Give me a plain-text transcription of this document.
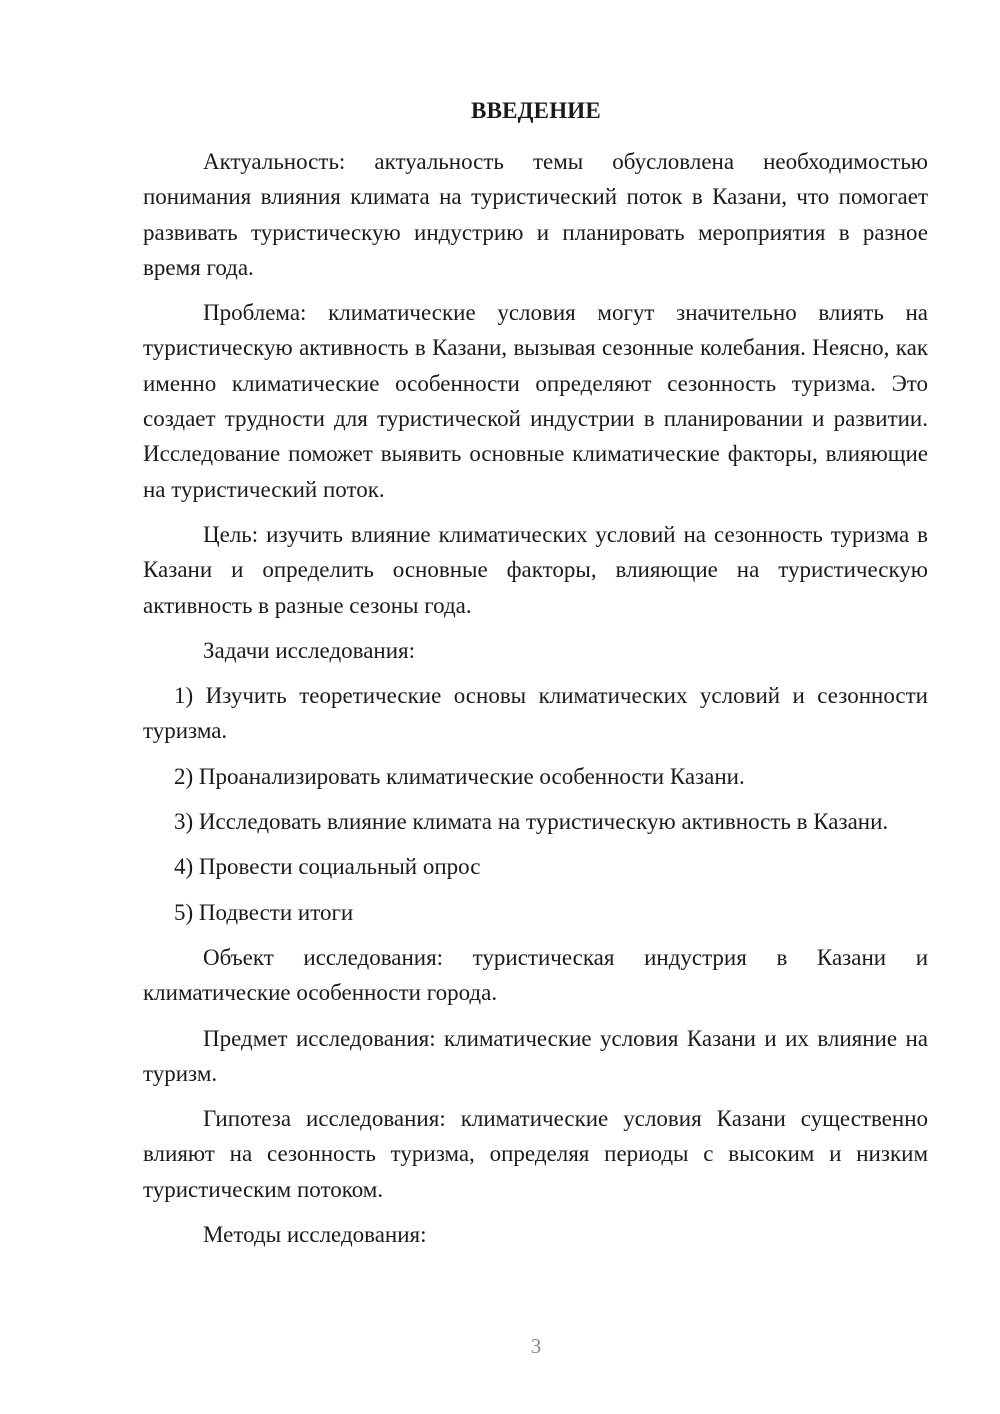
ВВЕДЕНИЕ

Актуальность: актуальность темы обусловлена необходимостью понимания влияния климата на туристический поток в Казани, что помогает развивать туристическую индустрию и планировать мероприятия в разное время года.

Проблема: климатические условия могут значительно влиять на туристическую активность в Казани, вызывая сезонные колебания. Неясно, как именно климатические особенности определяют сезонность туризма. Это создает трудности для туристической индустрии в планировании и развитии. Исследование поможет выявить основные климатические факторы, влияющие на туристический поток.

Цель: изучить влияние климатических условий на сезонность туризма в Казани и определить основные факторы, влияющие на туристическую активность в разные сезоны года.

Задачи исследования:

1) Изучить теоретические основы климатических условий и сезонности туризма.

2) Проанализировать климатические особенности Казани.

3) Исследовать влияние климата на туристическую активность в Казани.

4) Провести социальный опрос

5) Подвести итоги

Объект исследования: туристическая индустрия в Казани и климатические особенности города.

Предмет исследования: климатические условия Казани и их влияние на туризм.

Гипотеза исследования: климатические условия Казани существенно влияют на сезонность туризма, определяя периоды с высоким и низким туристическим потоком.

Методы исследования:

3
